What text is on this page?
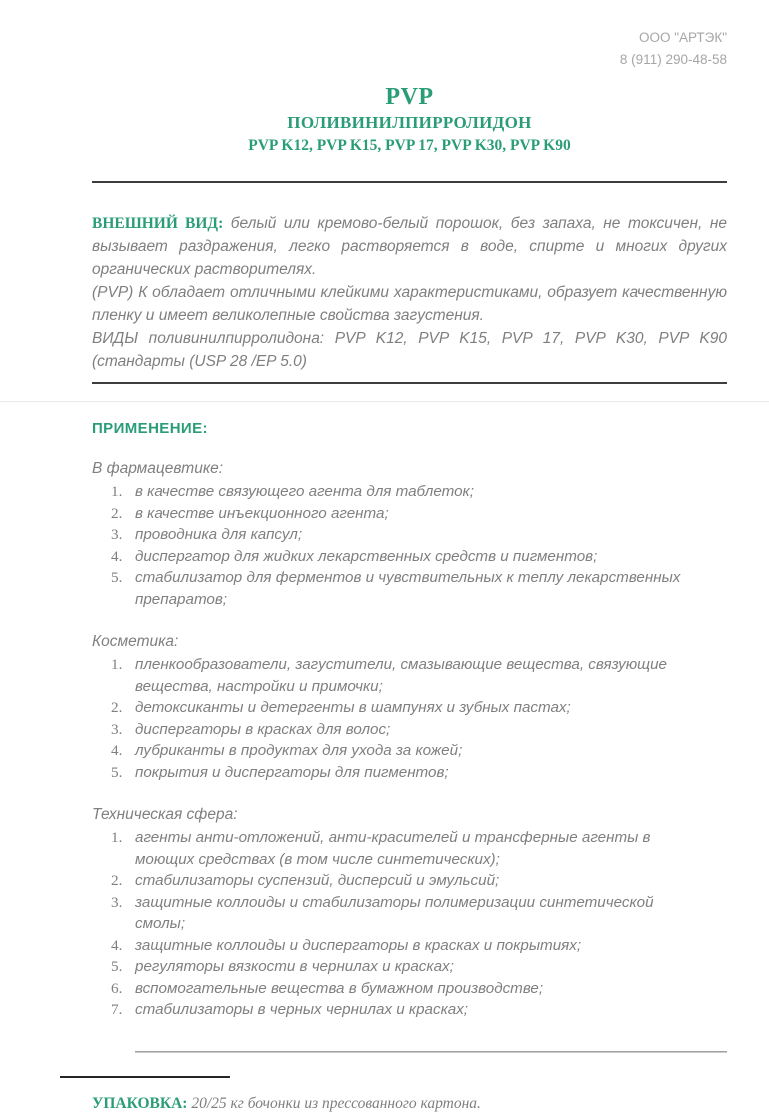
ООО "АРТЭК"
8 (911) 290-48-58
PVP
ПОЛИВИНИЛПИРРОЛИДОН
PVP K12, PVP K15, PVP 17, PVP K30, PVP K90

ВНЕШНИЙ ВИД: белый или кремово-белый порошок, без запаха, не токсичен, не вызывает раздражения, легко растворяется в воде, спирте и многих других органических растворителях.

(PVP) К обладает отличными клейкими характеристиками, образует качественную пленку и имеет великолепные свойства загустения.

ВИДЫ поливинилпирролидона: PVP K12, PVP K15, PVP 17, PVP K30, PVP K90 (стандарты (USP 28 /EP 5.0)

ПРИМЕНЕНИЕ:

В фармацевтике:

в качестве связующего агента для таблеток;
в качестве инъекционного агента;
проводника для капсул;
диспергатор для жидких лекарственных средств и пигментов;
стабилизатор для ферментов и чувствительных к теплу лекарственных препаратов;

Косметика:

пленкообразователи, загустители, смазывающие вещества, связующие вещества, настройки и примочки;
детоксиканты и детергенты в шампунях и зубных пастах;
диспергаторы в красках для волос;
лубриканты в продуктах для ухода за кожей;
покрытия и диспергаторы для пигментов;

Техническая сфера:

агенты анти-отложений, анти-красителей и трансферные агенты в моющих средствах (в том числе синтетических);
стабилизаторы суспензий, дисперсий и эмульсий;
защитные коллоиды и стабилизаторы полимеризации синтетической смолы;
защитные коллоиды и диспергаторы в красках и покрытиях;
регуляторы вязкости в чернилах и красках;
вспомогательные вещества в бумажном производстве;
стабилизаторы в черных чернилах и красках;

УПАКОВКА: 20/25 кг бочонки из прессованного картона.
